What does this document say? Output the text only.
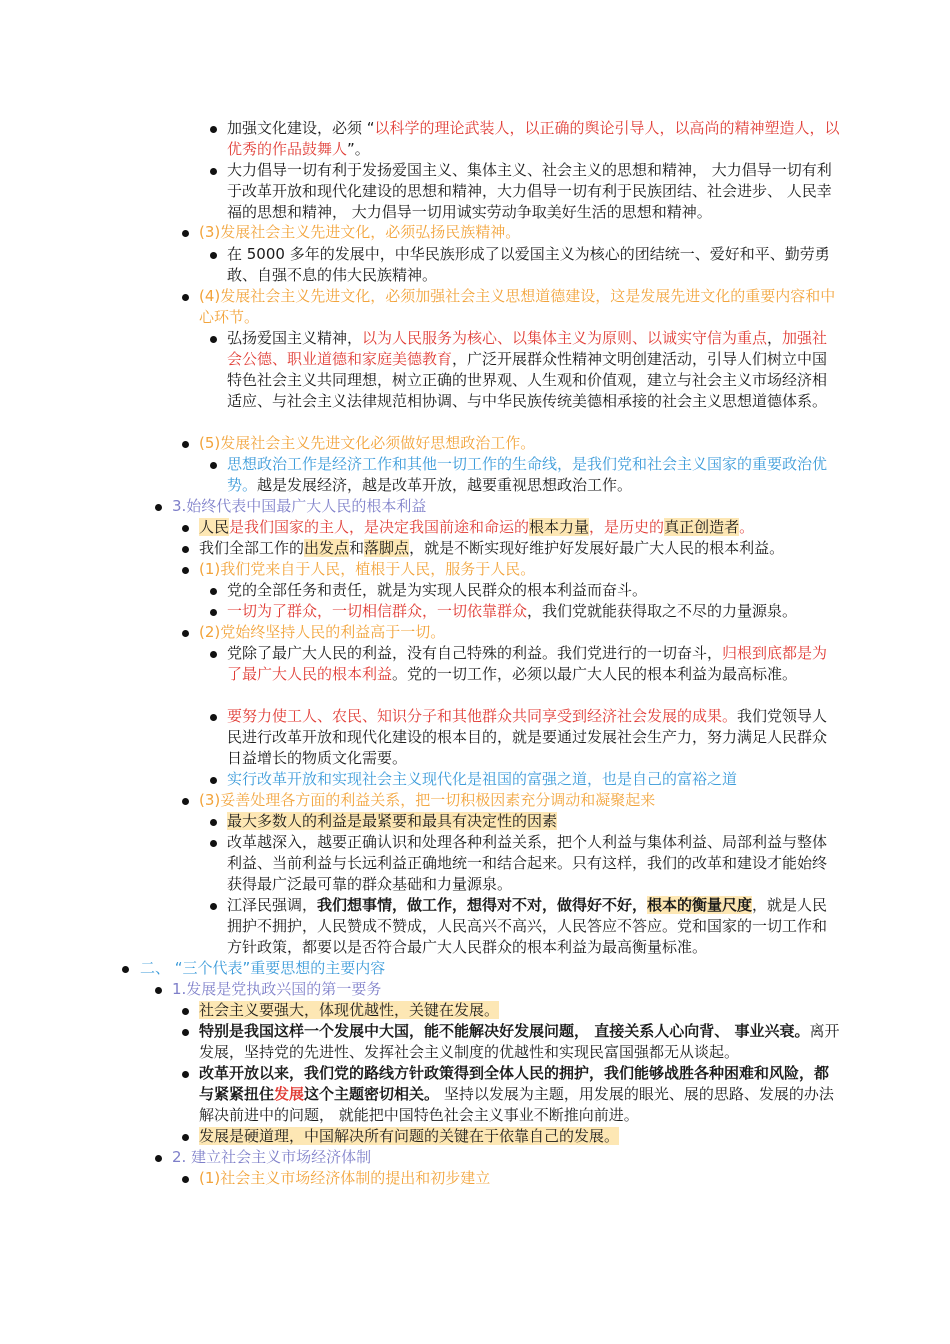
加强文化建设，必须 “以科学的理论武装人，以正确的舆论引导人，以高尚的精神塑造人，以优秀的作品鼓舞人”。
大力倡导一切有利于发扬爱国主义、集体主义、社会主义的思想和精神， 大力倡导一切有利于改革开放和现代化建设的思想和精神，大力倡导一切有利于民族团结、社会进步、 人民幸福的思想和精神， 大力倡导一切用诚实劳动争取美好生活的思想和精神。
(3)发展社会主义先进文化，必须弘扬民族精神。
在 5000 多年的发展中，中华民族形成了以爱国主义为核心的团结统一、爱好和平、勤劳勇敢、自强不息的伟大民族精神。
(4)发展社会主义先进文化，必须加强社会主义思想道德建设，这是发展先进文化的重要内容和中心环节。
弘扬爱国主义精神，以为人民服务为核心、以集体主义为原则、以诚实守信为重点，加强社会公德、职业道德和家庭美德教育，广泛开展群众性精神文明创建活动，引导人们树立中国特色社会主义共同理想，树立正确的世界观、人生观和价值观，建立与社会主义市场经济相适应、与社会主义法律规范相协调、与中华民族传统美德相承接的社会主义思想道德体系。
(5)发展社会主义先进文化必须做好思想政治工作。
思想政治工作是经济工作和其他一切工作的生命线，是我们党和社会主义国家的重要政治优势。越是发展经济，越是改革开放，越要重视思想政治工作。
3.始终代表中国最广大人民的根本利益
人民是我们国家的主人，是决定我国前途和命运的根本力量，是历史的真正创造者。
我们全部工作的出发点和落脚点，就是不断实现好维护好发展好最广大人民的根本利益。
(1)我们党来自于人民，植根于人民，服务于人民。
党的全部任务和责任，就是为实现人民群众的根本利益而奋斗。
一切为了群众，一切相信群众，一切依靠群众，我们党就能获得取之不尽的力量源泉。
(2)党始终坚持人民的利益高于一切。
党除了最广大人民的利益，没有自己特殊的利益。我们党进行的一切奋斗，归根到底都是为了最广大人民的根本利益。党的一切工作，必须以最广大人民的根本利益为最高标准。
要努力使工人、农民、知识分子和其他群众共同享受到经济社会发展的成果。我们党领导人民进行改革开放和现代化建设的根本目的，就是要通过发展社会生产力，努力满足人民群众日益增长的物质文化需要。
实行改革开放和实现社会主义现代化是祖国的富强之道，也是自己的富裕之道
(3)妥善处理各方面的利益关系，把一切积极因素充分调动和凝聚起来
最大多数人的利益是最紧要和最具有决定性的因素
改革越深入，越要正确认识和处理各种利益关系，把个人利益与集体利益、局部利益与整体利益、当前利益与长远利益正确地统一和结合起来。只有这样，我们的改革和建设才能始终获得最广泛最可靠的群众基础和力量源泉。
江泽民强调，我们想事情，做工作，想得对不对，做得好不好，根本的衡量尺度，就是人民拥护不拥护，人民赞成不赞成，人民高兴不高兴，人民答应不答应。党和国家的一切工作和方针政策，都要以是否符合最广大人民群众的根本利益为最高衡量标准。
二、 “三个代表”重要思想的主要内容
1.发展是党执政兴国的第一要务
社会主义要强大，体现优越性，关键在发展。
特别是我国这样一个发展中大国，能不能解决好发展问题， 直接关系人心向背、 事业兴衰。离开发展，坚持党的先进性、发挥社会主义制度的优越性和实现民富国强都无从谈起。
改革开放以来，我们党的路线方针政策得到全体人民的拥护，我们能够战胜各种困难和风险，都与紧紧扭住发展这个主题密切相关。 坚持以发展为主题，用发展的眼光、展的思路、发展的办法解决前进中的问题， 就能把中国特色社会主义事业不断推向前进。
发展是硬道理，中国解决所有问题的关键在于依靠自己的发展。
2. 建立社会主义市场经济体制
(1)社会主义市场经济体制的提出和初步建立
